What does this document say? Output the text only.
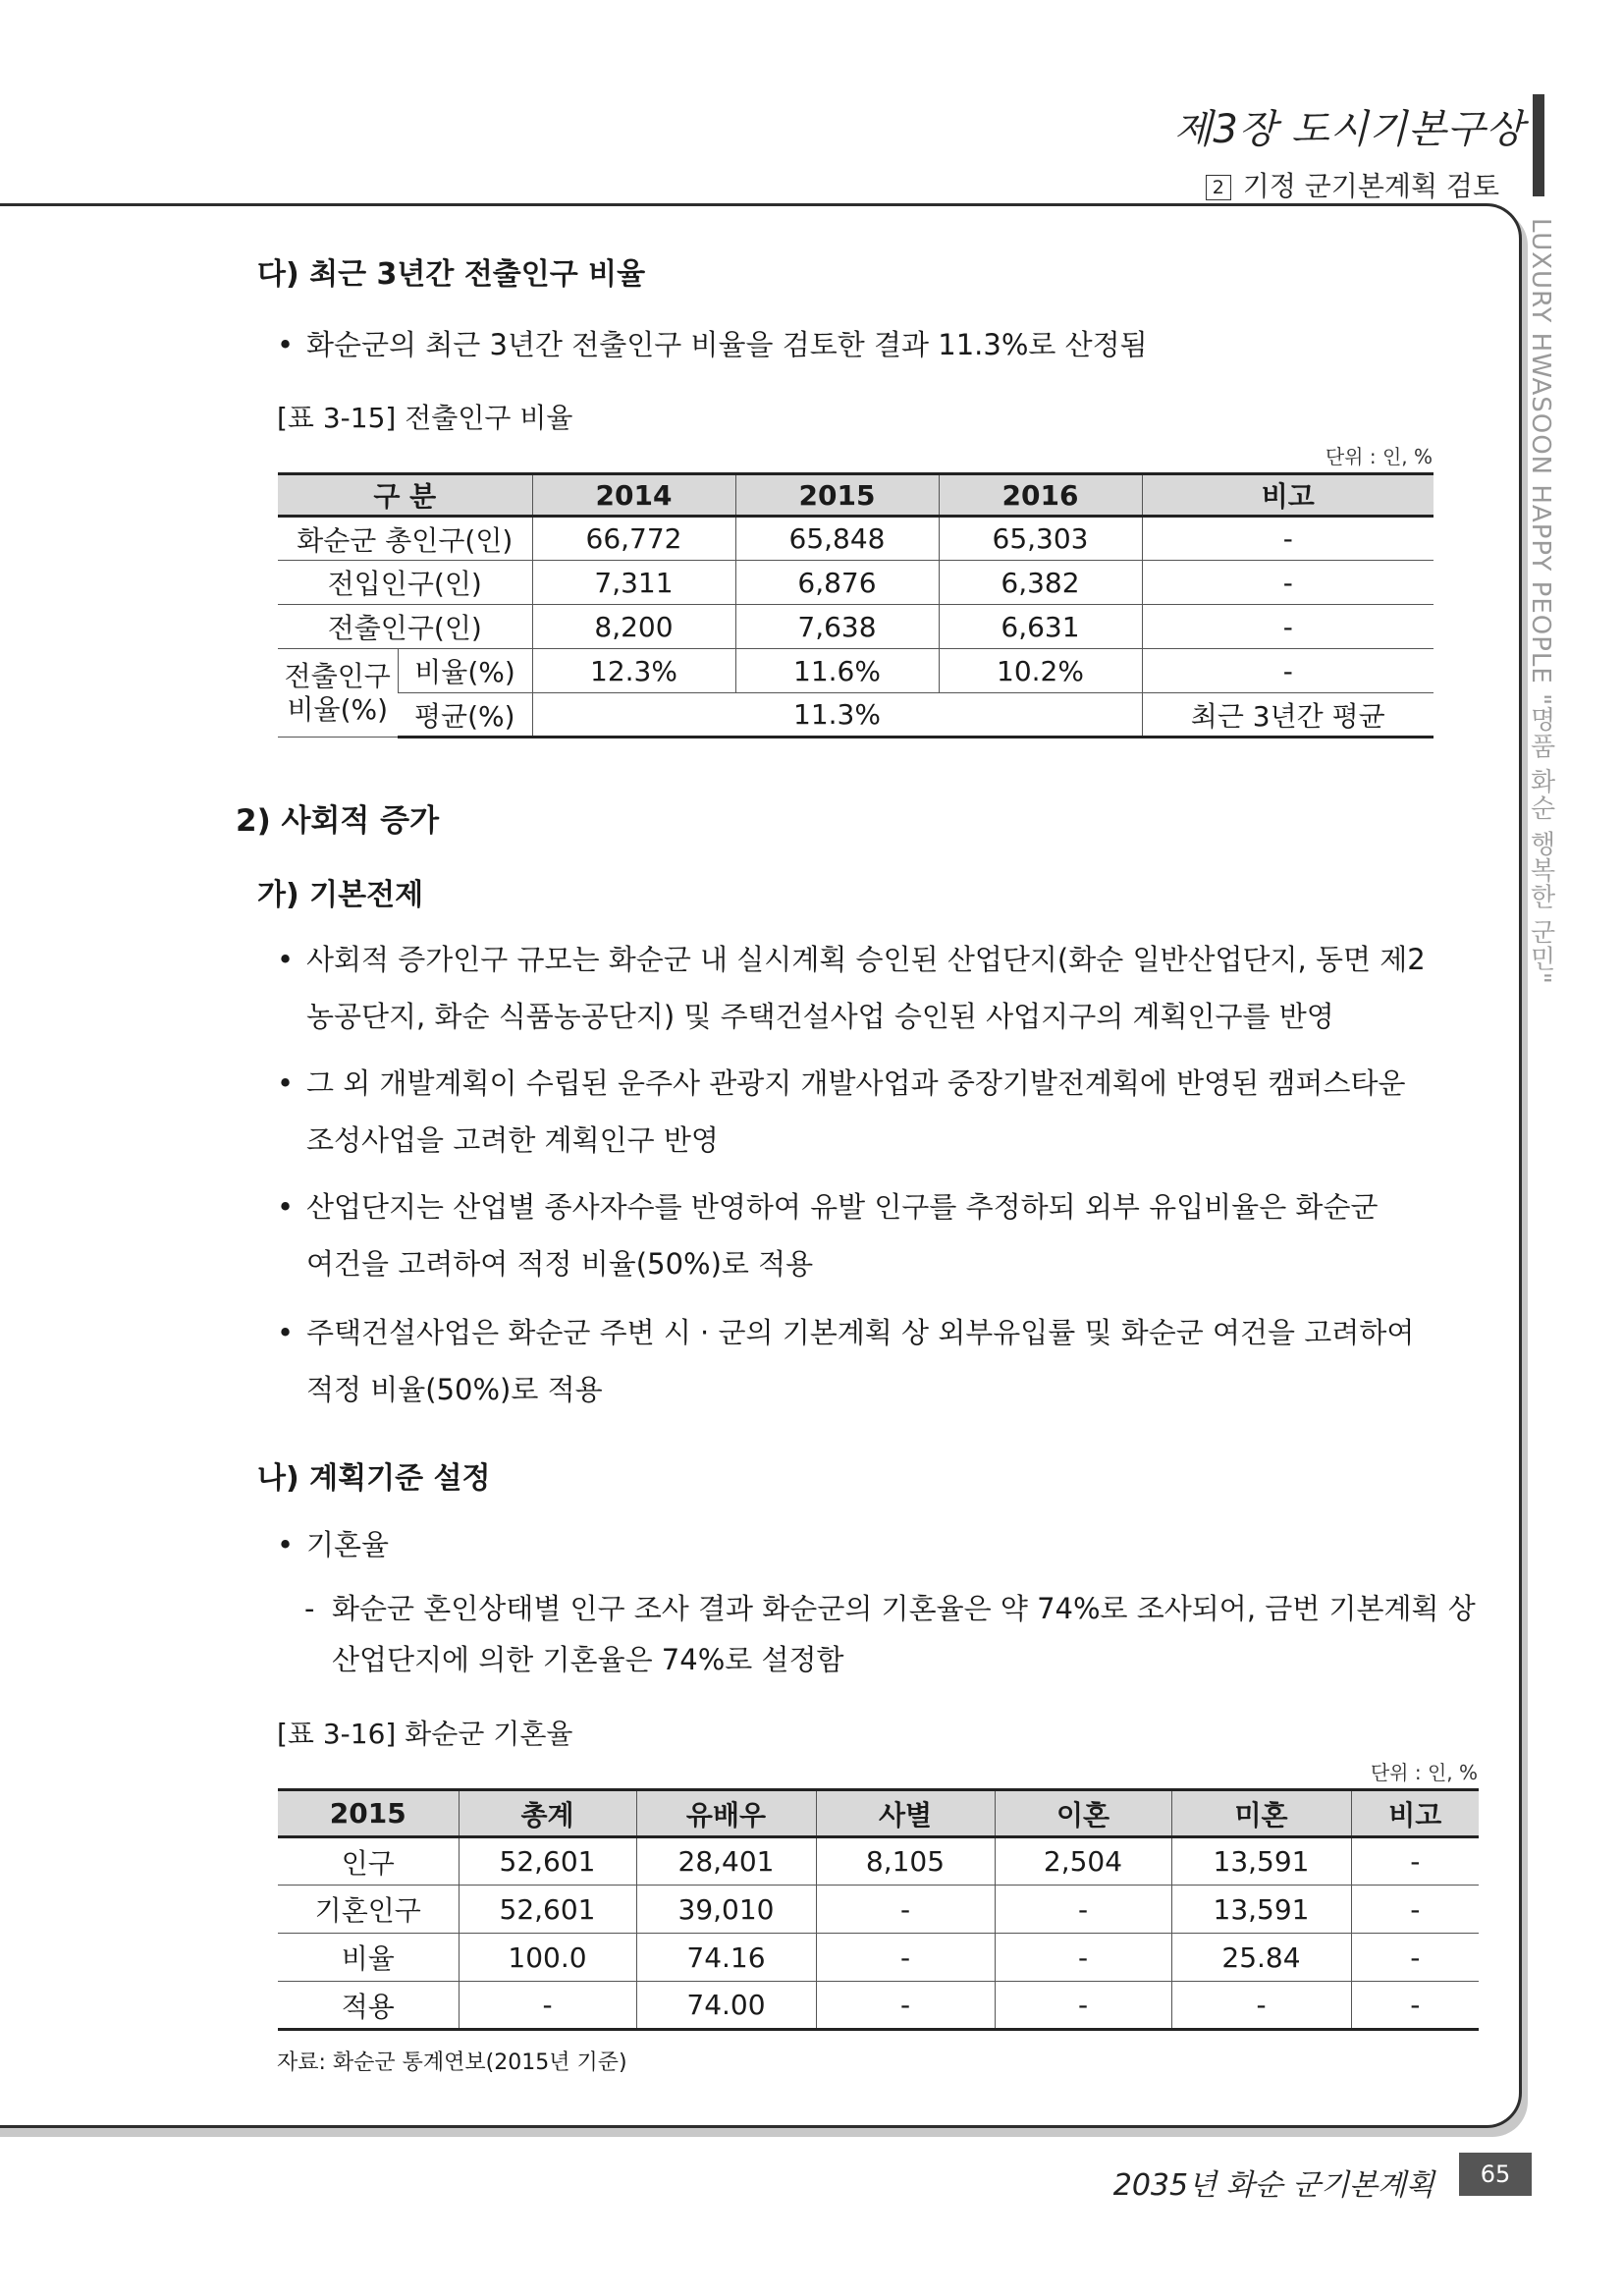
제3장 도시기본구상
2 기정 군기본계획 검토
LUXURY HWASOON HAPPY PEOPLE "명품 화순 행복한 군민"
다) 최근 3년간 전출인구 비율
• 화순군의 최근 3년간 전출인구 비율을 검토한 결과 11.3%로 산정됨
[표 3-15] 전출인구 비율
단위 : 인, %
구 분		2014	2015	2016	비고
화순군 총인구(인)		66,772	65,848	65,303	-
전입인구(인)		7,311	6,876	6,382	-
전출인구(인)		8,200	7,638	6,631	-
전출인구
비율(%)	비율(%)	12.3%	11.6%	10.2%	-
	평균(%)	11.3%			최근 3년간 평균
2) 사회적 증가
가) 기본전제
• 사회적 증가인구 규모는 화순군 내 실시계획 승인된 산업단지(화순 일반산업단지, 동면 제2
농공단지, 화순 식품농공단지) 및 주택건설사업 승인된 사업지구의 계획인구를 반영
• 그 외 개발계획이 수립된 운주사 관광지 개발사업과 중장기발전계획에 반영된 캠퍼스타운
조성사업을 고려한 계획인구 반영
• 산업단지는 산업별 종사자수를 반영하여 유발 인구를 추정하되 외부 유입비율은 화순군
여건을 고려하여 적정 비율(50%)로 적용
• 주택건설사업은 화순군 주변 시 · 군의 기본계획 상 외부유입률 및 화순군 여건을 고려하여
적정 비율(50%)로 적용
나) 계획기준 설정
• 기혼율
- 화순군 혼인상태별 인구 조사 결과 화순군의 기혼율은 약 74%로 조사되어, 금번 기본계획 상
산업단지에 의한 기혼율은 74%로 설정함
[표 3-16] 화순군 기혼율
단위 : 인, %
2015	총계	유배우	사별	이혼	미혼	비고
인구	52,601	28,401	8,105	2,504	13,591	-
기혼인구	52,601	39,010	-	-	13,591	-
비율	100.0	74.16	-	-	25.84	-
적용	-	74.00	-	-	-	-
자료: 화순군 통계연보(2015년 기준)
2035년 화순 군기본계획	65
